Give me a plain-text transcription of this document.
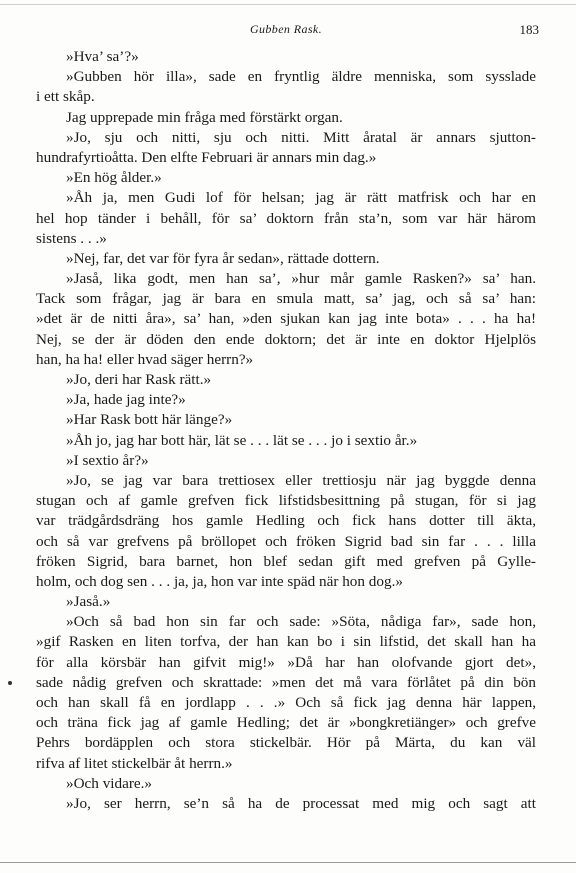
Gubben Rask.	183
»Hva’ sa’?»
»Gubben hör illa», sade en fryntlig äldre menniska, som sysslade
i ett skåp.
Jag upprepade min fråga med förstärkt organ.
»Jo, sju och nitti, sju och nitti. Mitt åratal är annars sjutton-
hundrafyrtioåtta. Den elfte Februari är annars min dag.»
»En hög ålder.»
»Åh ja, men Gudi lof för helsan; jag är rätt matfrisk och har en
hel hop tänder i behåll, för sa’ doktorn från sta’n, som var här härom
sistens . . .»
»Nej, far, det var för fyra år sedan», rättade dottern.
»Jaså, lika godt, men han sa’, »hur mår gamle Rasken?» sa’ han.
Tack som frågar, jag är bara en smula matt, sa’ jag, och så sa’ han:
»det är de nitti åra», sa’ han, »den sjukan kan jag inte bota» . . . ha ha!
Nej, se der är döden den ende doktorn; det är inte en doktor Hjelplös
han, ha ha! eller hvad säger herrn?»
»Jo, deri har Rask rätt.»
»Ja, hade jag inte?»
»Har Rask bott här länge?»
»Åh jo, jag har bott här, lät se . . . lät se . . . jo i sextio år.»
»I sextio år?»
»Jo, se jag var bara trettiosex eller trettiosju när jag byggde denna
stugan och af gamle grefven fick lifstidsbesittning på stugan, för si jag
var trädgårdsdräng hos gamle Hedling och fick hans dotter till äkta,
och så var grefvens på bröllopet och fröken Sigrid bad sin far . . . lilla
fröken Sigrid, bara barnet, hon blef sedan gift med grefven på Gylle-
holm, och dog sen . . . ja, ja, hon var inte späd när hon dog.»
»Jaså.»
»Och så bad hon sin far och sade: »Söta, nådiga far», sade hon,
»gif Rasken en liten torfva, der han kan bo i sin lifstid, det skall han ha
för alla körsbär han gifvit mig!» »Då har han olofvande gjort det»,
sade nådig grefven och skrattade: »men det må vara förlåtet på din bön
och han skall få en jordlapp . . .» Och så fick jag denna här lappen,
och träna fick jag af gamle Hedling; det är »bongkretiänger» och grefve
Pehrs bordäpplen och stora stickelbär. Hör på Märta, du kan väl
rifva af litet stickelbär åt herrn.»
»Och vidare.»
»Jo, ser herrn, se’n så ha de processat med mig och sagt att
